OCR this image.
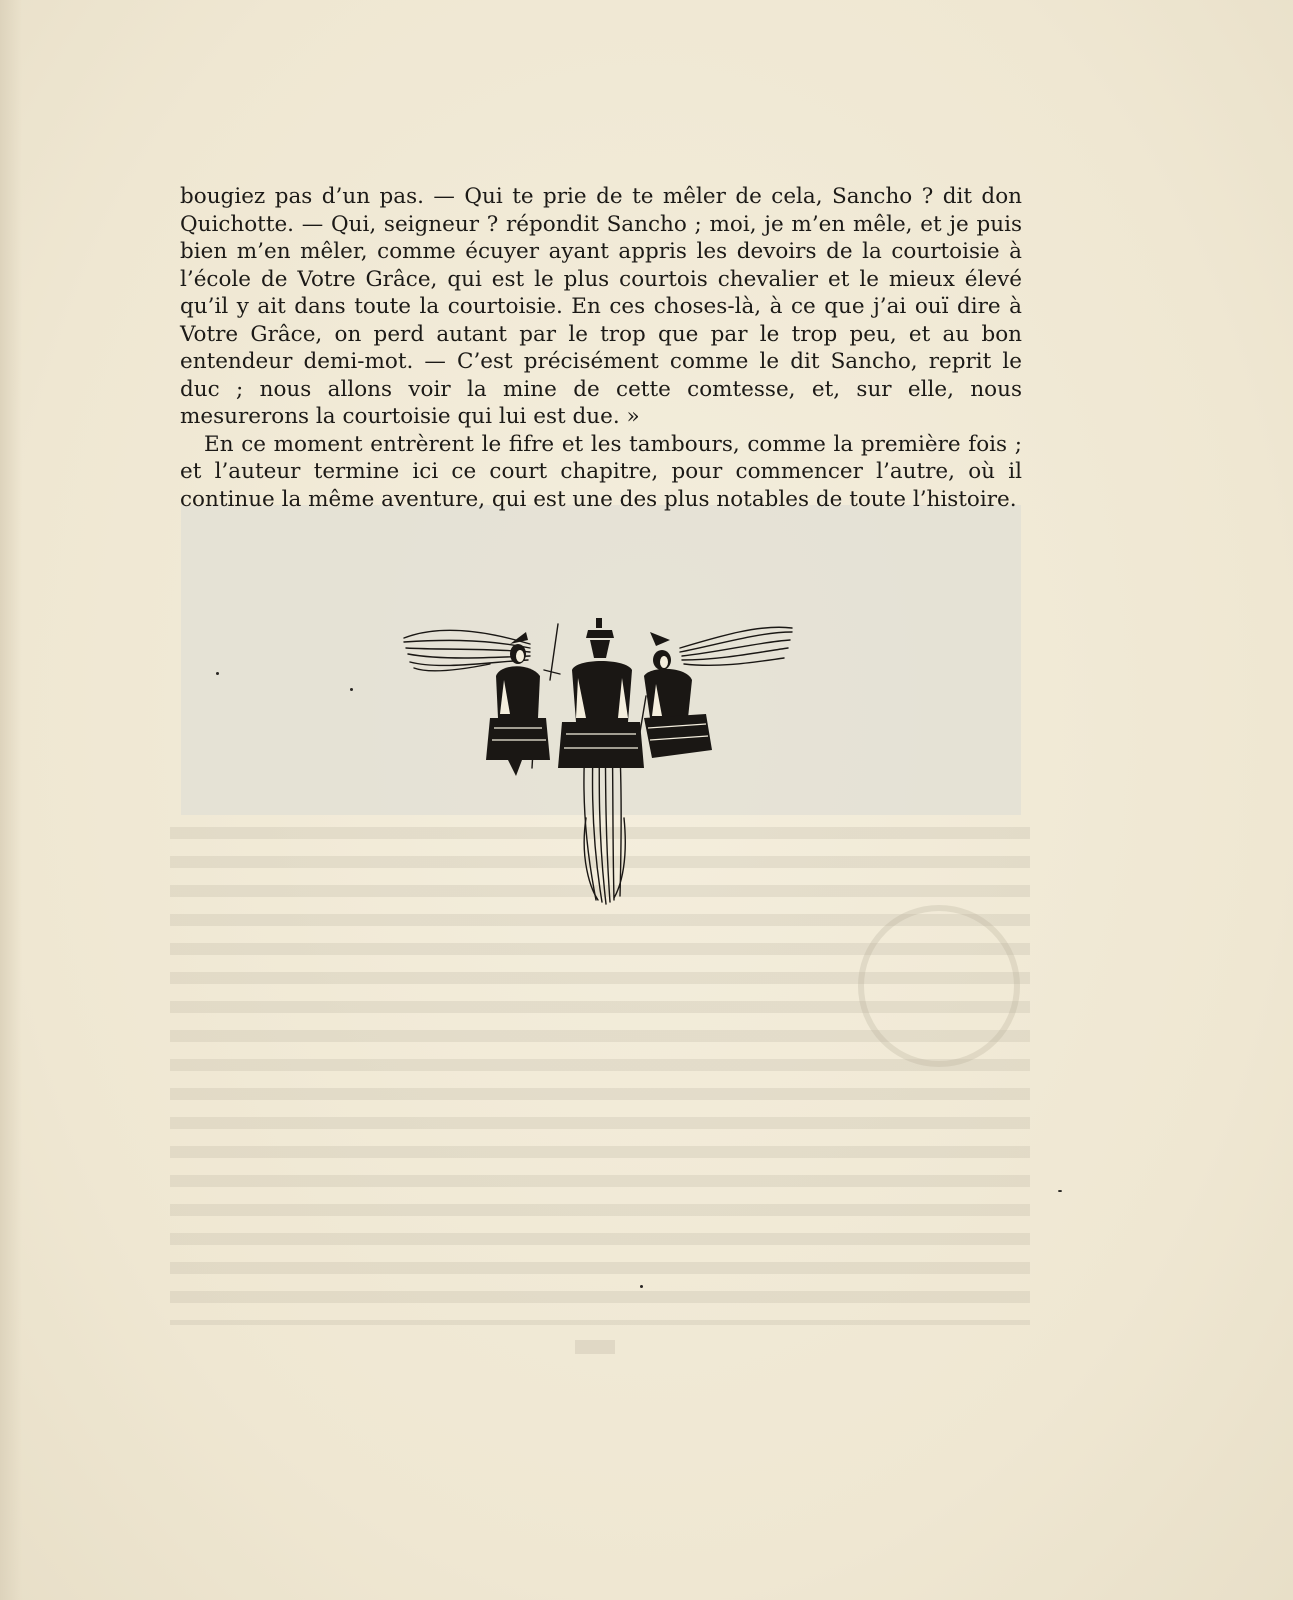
bougiez pas d’un pas. — Qui te prie de te mêler de cela, Sancho ? dit don Quichotte. — Qui, seigneur ? répondit Sancho ; moi, je m’en mêle, et je puis bien m’en mêler, comme écuyer ayant appris les devoirs de la courtoisie à l’école de Votre Grâce, qui est le plus courtois chevalier et le mieux élevé qu’il y ait dans toute la courtoisie. En ces choses-là, à ce que j’ai ouï dire à Votre Grâce, on perd autant par le trop que par le trop peu, et au bon entendeur demi-mot. — C’est précisément comme le dit Sancho, reprit le duc ; nous allons voir la mine de cette comtesse, et, sur elle, nous mesurerons la courtoisie qui lui est due. »

En ce moment entrèrent le fifre et les tambours, comme la première fois ; et l’auteur termine ici ce court chapitre, pour commencer l’autre, où il continue la même aventure, qui est une des plus notables de toute l’histoire.
